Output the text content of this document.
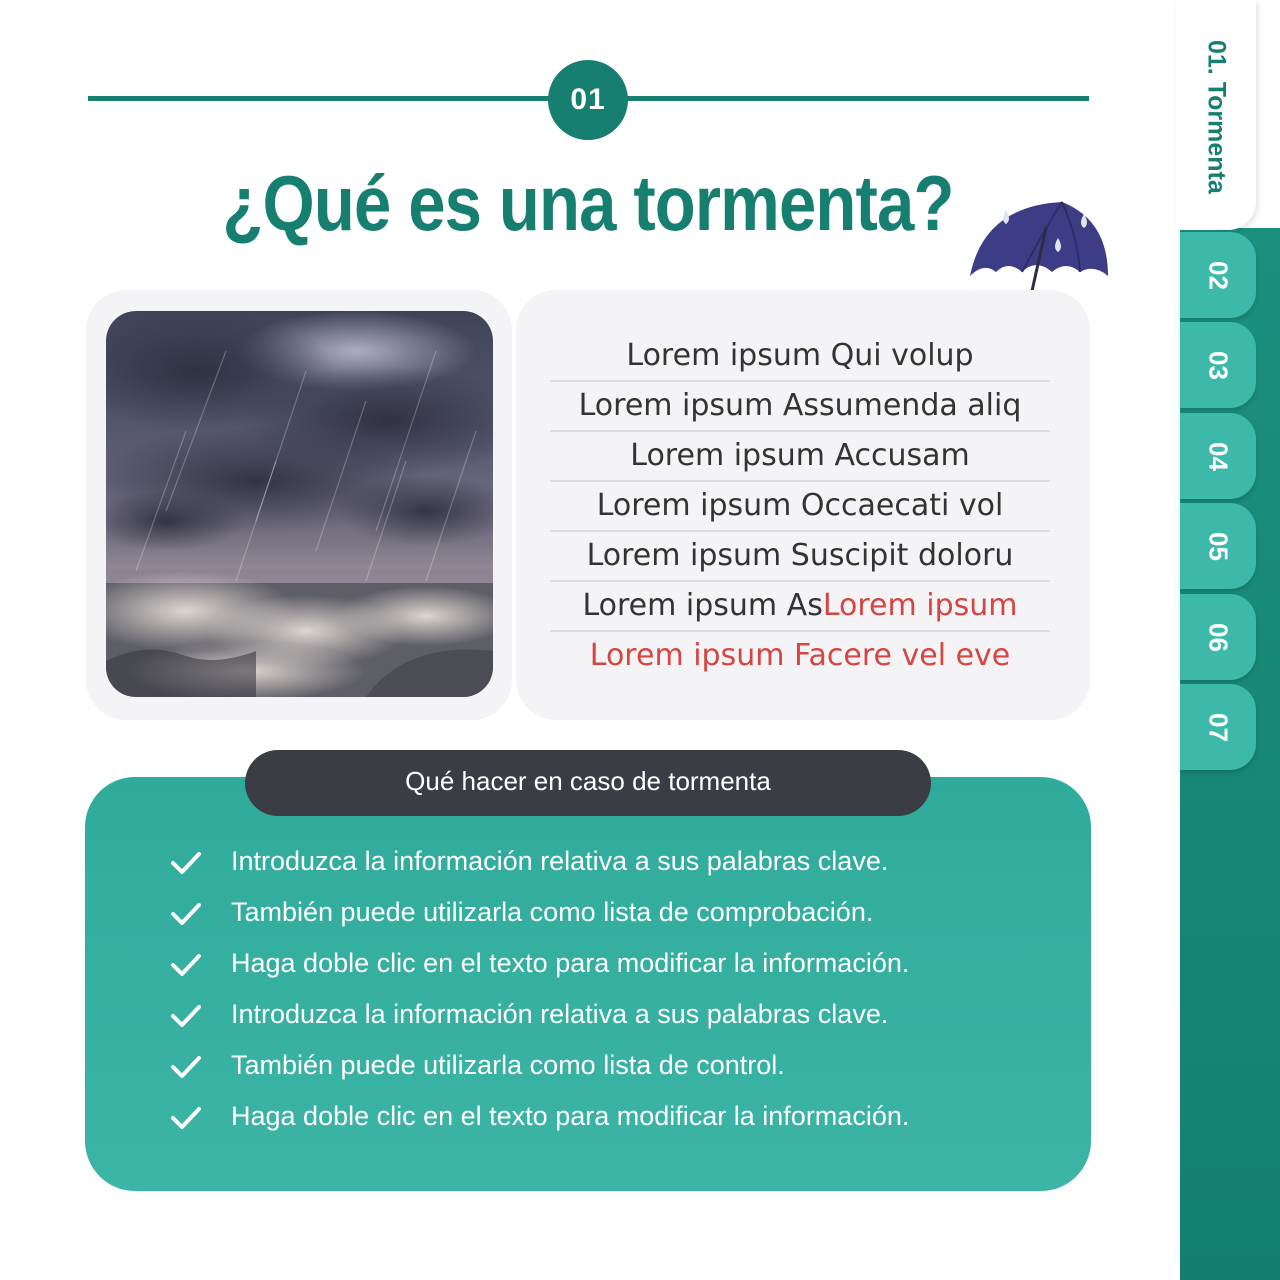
01
¿Qué es una tormenta?
Lorem ipsum Qui volup
Lorem ipsum Assumenda aliq
Lorem ipsum Accusam
Lorem ipsum Occaecati vol
Lorem ipsum Suscipit doloru
Lorem ipsum AsLorem ipsum
Lorem ipsum Facere vel eve
Qué hacer en caso de tormenta
Introduzca la información relativa a sus palabras clave.
También puede utilizarla como lista de comprobación.
Haga doble clic en el texto para modificar la información.
Introduzca la información relativa a sus palabras clave.
También puede utilizarla como lista de control.
Haga doble clic en el texto para modificar la información.
01. Tormenta
02
03
04
05
06
07
